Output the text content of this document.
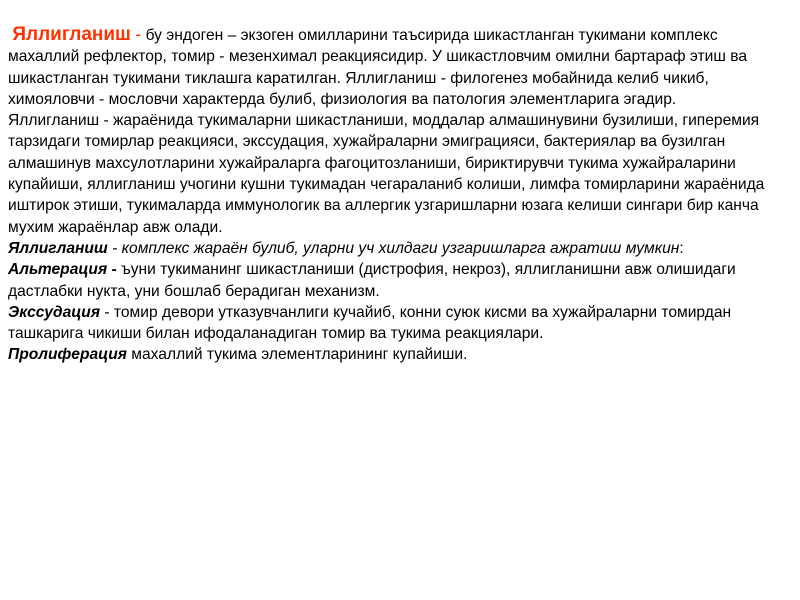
Яллигланиш - бу эндоген – экзоген омилларини таъсирида шикастланган тукимани комплекс махаллий рефлектор, томир - мезенхимал реакциясидир. У шикастловчим омилни бартараф этиш ва шикастланган тукимани тиклашга каратилган. Яллигланиш - филогенез мобайнида келиб чикиб, химояловчи - мословчи характерда булиб, физиология ва патология элементларига эгадир.

Яллигланиш - жараёнида тукималарни шикастланиши, моддалар алмашинувини бузилиши, гиперемия тарзидаги томирлар реакцияси, экссудация, хужайраларни эмиграцияси, бактериялар ва бузилган алмашинув махсулотларини хужайраларга фагоцитозланиши, бириктирувчи тукима хужайраларини купайиши, яллигланиш учогини кушни тукимадан чегараланиб колиши, лимфа томирларини жараёнида иштирок этиши, тукималарда иммунологик ва аллергик узгаришларни юзага келиши сингари бир канча мухим жараёнлар авж олади.

Яллигланиш - комплекс жараён булиб, уларни уч хилдаги узгаришларга ажратиш мумкин:

Альтерация - ъуни тукиманинг шикастланиши (дистрофия, некроз), яллигланишни авж олишидаги дастлабки нукта, уни бошлаб берадиган механизм.

Экссудация - томир девори утказувчанлиги кучайиб, конни суюк кисми ва хужайраларни томирдан ташкарига чикиши билан ифодаланадиган томир ва тукима реакциялари.

Пролиферация махаллий тукима элементларининг купайиши.
